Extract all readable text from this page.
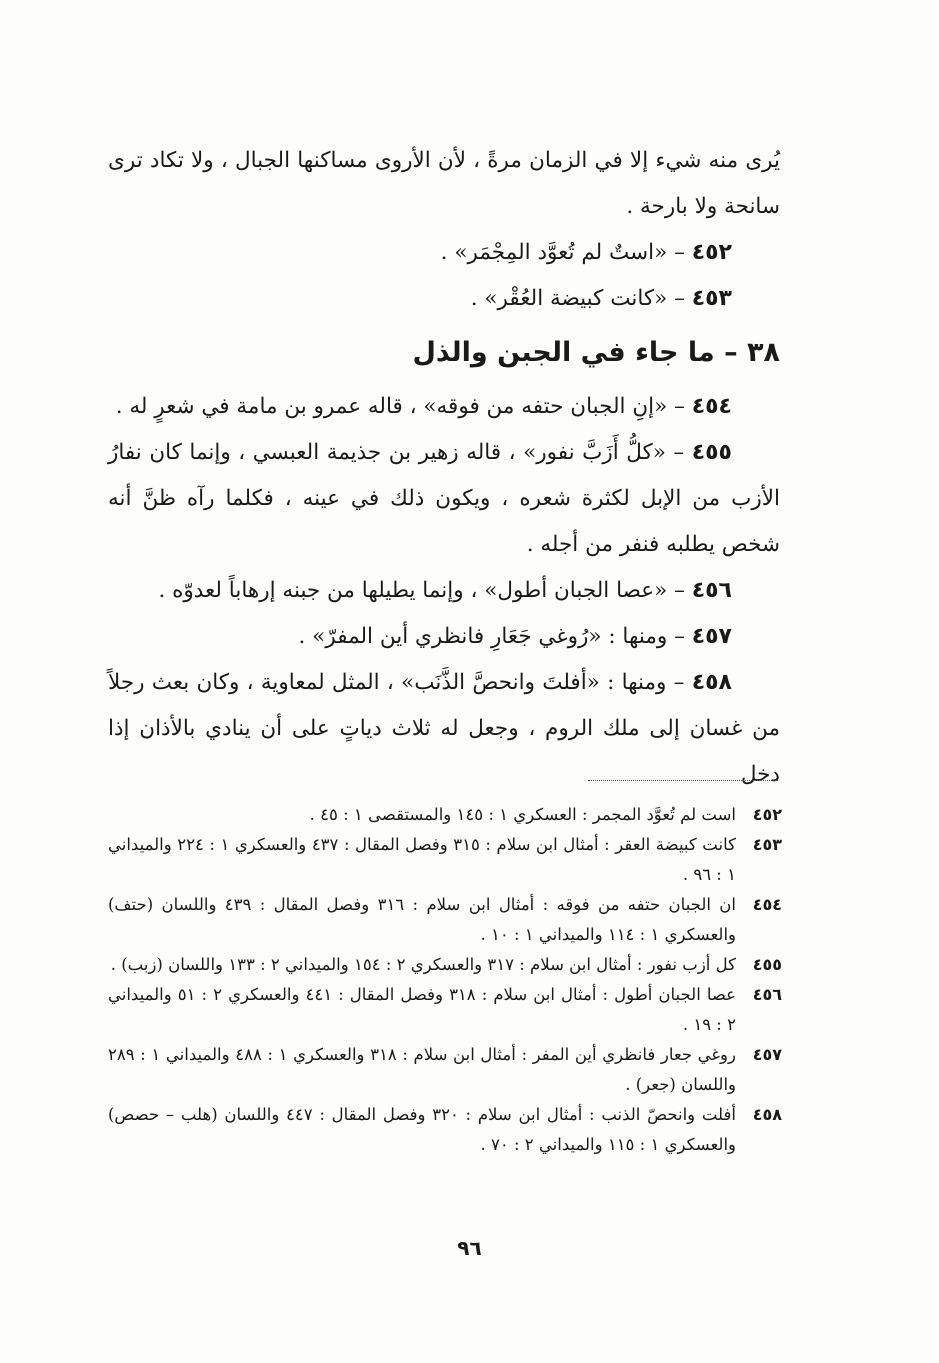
يُرى منه شيء إلا في الزمان مرةً ، لأن الأروى مساكنها الجبال ، ولا تكاد ترى سانحة ولا بارحة .
٤٥٢ – «استٌ لم تُعوَّد المِجْمَر» .
٤٥٣ – «كانت كبيضة العُقْر» .
٣٨ – ما جاء في الجبن والذل
٤٥٤ – «إنِ الجبان حتفه من فوقه» ، قاله عمرو بن مامة في شعرٍ له .
٤٥٥ – «كلُّ أَزَبَّ نفور» ، قاله زهير بن جذيمة العبسي ، وإنما كان نفارُ الأزب من الإبل لكثرة شعره ، ويكون ذلك في عينه ، فكلما رآه ظنَّ أنه شخص يطلبه فنفر من أجله .
٤٥٦ – «عصا الجبان أطول» ، وإنما يطيلها من جبنه إرهاباً لعدوّه .
٤٥٧ – ومنها : «رُوغي جَعَارِ فانظري أين المفرّ» .
٤٥٨ – ومنها : «أفلتَ وانحصَّ الذَّنَب» ، المثل لمعاوية ، وكان بعث رجلاً من غسان إلى ملك الروم ، وجعل له ثلاث دياتٍ على أن ينادي بالأذان إذا دخل
٤٥٢
است لم تُعوَّد المجمر : العسكري ١ : ١٤٥ والمستقصى ١ : ٤٥ .
٤٥٣
كانت كبيضة العقر : أمثال ابن سلام : ٣١٥ وفصل المقال : ٤٣٧ والعسكري ١ : ٢٢٤ والميداني ١ : ٩٦ .
٤٥٤
ان الجبان حتفه من فوقه : أمثال ابن سلام : ٣١٦ وفصل المقال : ٤٣٩ واللسان (حتف) والعسكري ١ : ١١٤ والميداني ١ : ١٠ .
٤٥٥
كل أزب نفور : أمثال ابن سلام : ٣١٧ والعسكري ٢ : ١٥٤ والميداني ٢ : ١٣٣ واللسان (زبب) .
٤٥٦
عصا الجبان أطول : أمثال ابن سلام : ٣١٨ وفصل المقال : ٤٤١ والعسكري ٢ : ٥١ والميداني ٢ : ١٩ .
٤٥٧
روغي جعار فانظري أين المفر : أمثال ابن سلام : ٣١٨ والعسكري ١ : ٤٨٨ والميداني ١ : ٢٨٩ واللسان (جعر) .
٤٥٨
أفلت وانحصّ الذنب : أمثال ابن سلام : ٣٢٠ وفصل المقال : ٤٤٧ واللسان (هلب – حصص) والعسكري ١ : ١١٥ والميداني ٢ : ٧٠ .
٩٦
